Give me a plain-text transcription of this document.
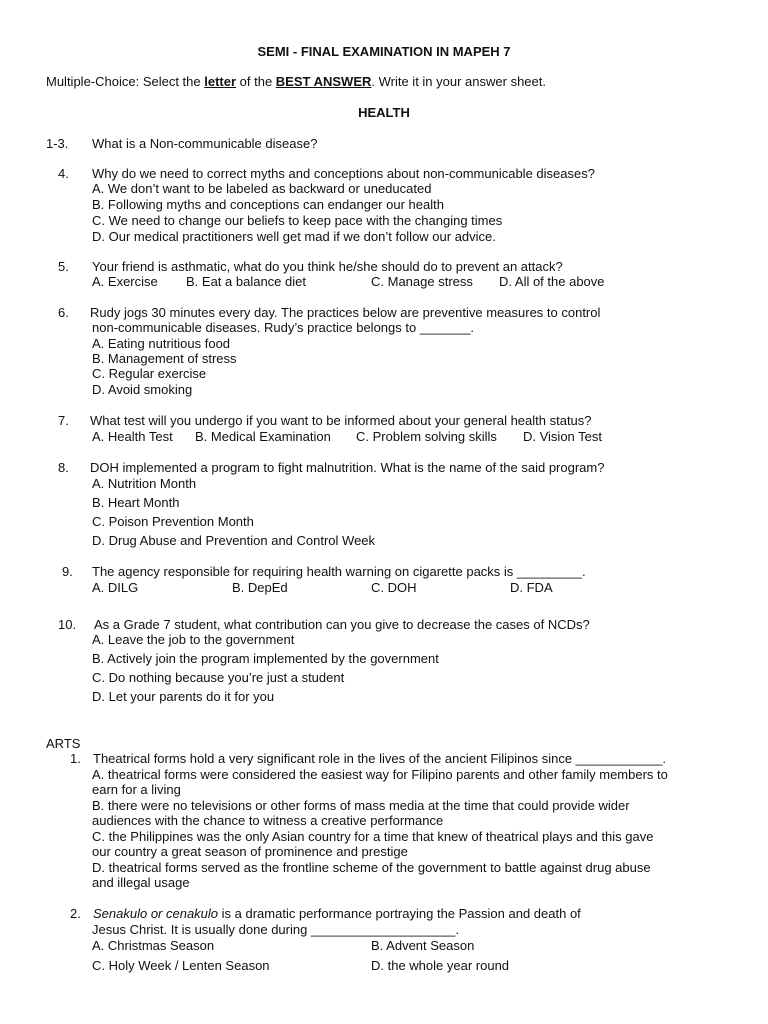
SEMI - FINAL EXAMINATION IN MAPEH 7
Multiple-Choice: Select the letter of the BEST ANSWER. Write it in your answer sheet.
HEALTH
1-3. What is a Non-communicable disease?
4. Why do we need to correct myths and conceptions about non-communicable diseases?
A. We don’t want to be labeled as backward or uneducated
B. Following myths and conceptions can endanger our health
C. We need to change our beliefs to keep pace with the changing times
D. Our medical practitioners well get mad if we don’t follow our advice.
5. Your friend is asthmatic, what do you think he/she should do to prevent an attack?
A. Exercise B. Eat a balance diet	C. Manage stress D. All of the above
6. Rudy jogs 30 minutes every day. The practices below are preventive measures to control
non-communicable diseases. Rudy’s practice belongs to _______.
A. Eating nutritious food
B. Management of stress
C. Regular exercise
D. Avoid smoking
7. What test will you undergo if you want to be informed about your general health status?
A. Health Test B. Medical Examination C. Problem solving skills D. Vision Test
8. DOH implemented a program to fight malnutrition. What is the name of the said program?
A. Nutrition Month
B. Heart Month
C. Poison Prevention Month
D. Drug Abuse and Prevention and Control Week
9. The agency responsible for requiring health warning on cigarette packs is _________.
A. DILG	B. DepEd	C. DOH	D. FDA
10. As a Grade 7 student, what contribution can you give to decrease the cases of NCDs?
A. Leave the job to the government
B. Actively join the program implemented by the government
C. Do nothing because you’re just a student
D. Let your parents do it for you
ARTS
1. Theatrical forms hold a very significant role in the lives of the ancient Filipinos since ____________.
A. theatrical forms were considered the easiest way for Filipino parents and other family members to
earn for a living
B. there were no televisions or other forms of mass media at the time that could provide wider
audiences with the chance to witness a creative performance
C. the Philippines was the only Asian country for a time that knew of theatrical plays and this gave
our country a great season of prominence and prestige
D. theatrical forms served as the frontline scheme of the government to battle against drug abuse
and illegal usage
2. Senakulo or cenakulo is a dramatic performance portraying the Passion and death of
Jesus Christ. It is usually done during ____________________.
A. Christmas Season	B. Advent Season
C. Holy Week / Lenten Season	D. the whole year round
